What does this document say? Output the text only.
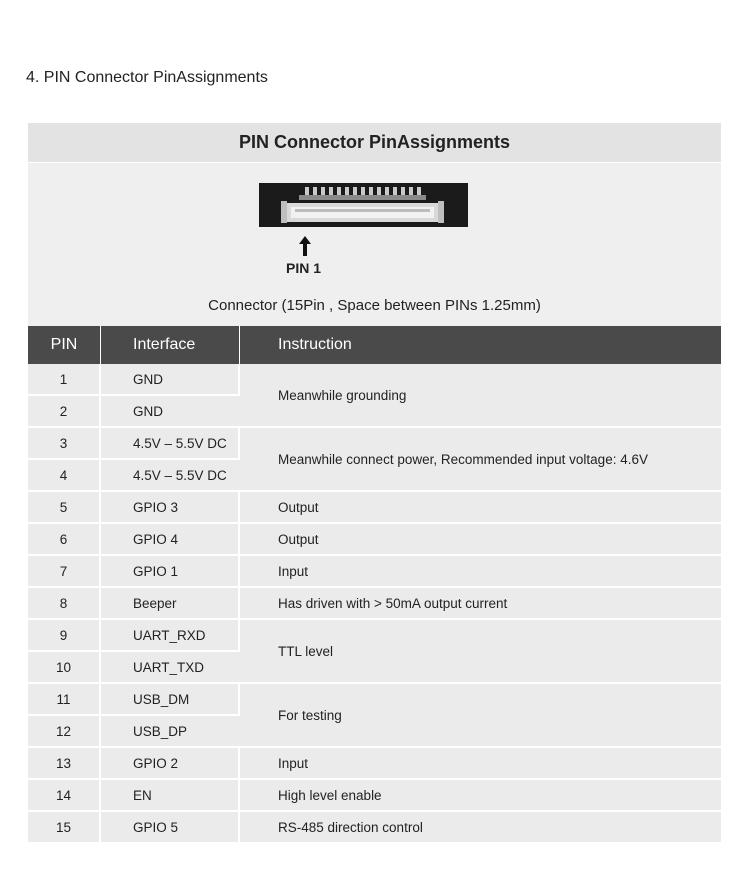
4. PIN Connector PinAssignments
PIN Connector PinAssignments
PIN 1
Connector (15Pin , Space between PINs 1.25mm)
PIN	Interface	Instruction
1	GND	Meanwhile grounding
2	GND	
3	4.5V – 5.5V DC	Meanwhile connect power, Recommended input voltage: 4.6V
4	4.5V – 5.5V DC	
5	GPIO 3	Output
6	GPIO 4	Output
7	GPIO 1	Input
8	Beeper	Has driven with > 50mA output current
9	UART_RXD	TTL level
10	UART_TXD	
11	USB_DM	For testing
12	USB_DP	
13	GPIO 2	Input
14	EN	High level enable
15	GPIO 5	RS-485 direction control
